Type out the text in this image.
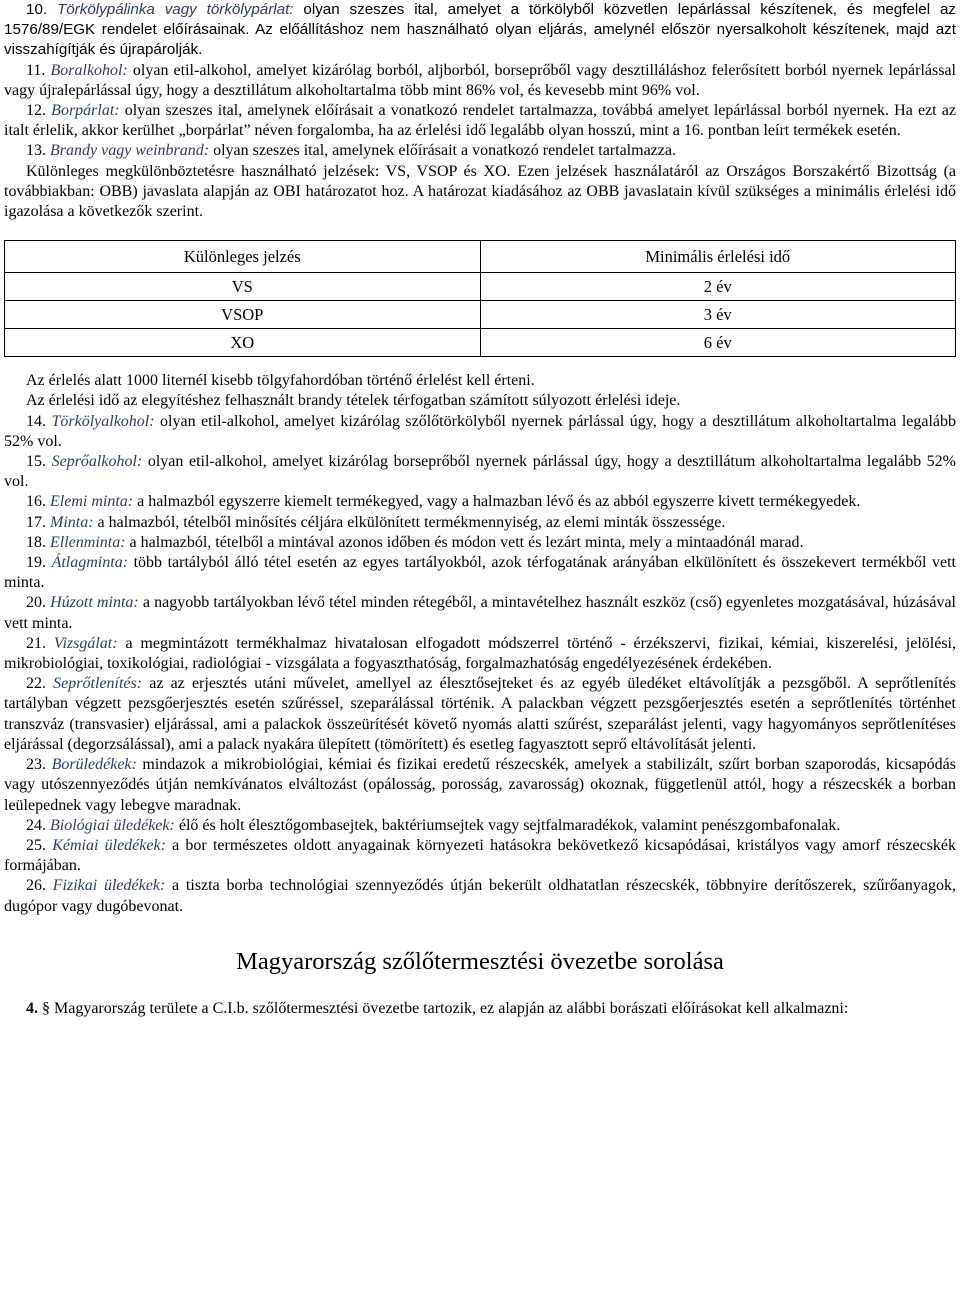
10. Törkölypálinka vagy törkölypárlat: olyan szeszes ital, amelyet a törkölyből közvetlen lepárlással készítenek, és megfelel az 1576/89/EGK rendelet előírásainak. Az előállításhoz nem használható olyan eljárás, amelynél először nyersalkoholt készítenek, majd azt visszahígítják és újrapárolják.

11. Boralkohol: olyan etil-alkohol, amelyet kizárólag borból, aljborból, borseprőből vagy desztilláláshoz felerősített borból nyernek lepárlással vagy újralepárlással úgy, hogy a desztillátum alkoholtartalma több mint 86% vol, és kevesebb mint 96% vol.

12. Borpárlat: olyan szeszes ital, amelynek előírásait a vonatkozó rendelet tartalmazza, továbbá amelyet lepárlással borból nyernek. Ha ezt az italt érlelik, akkor kerülhet „borpárlat” néven forgalomba, ha az érlelési idő legalább olyan hosszú, mint a 16. pontban leírt termékek esetén.

13. Brandy vagy weinbrand: olyan szeszes ital, amelynek előírásait a vonatkozó rendelet tartalmazza.

Különleges megkülönböztetésre használható jelzések: VS, VSOP és XO. Ezen jelzések használatáról az Országos Borszakértő Bizottság (a továbbiakban: OBB) javaslata alapján az OBI határozatot hoz. A határozat kiadásához az OBB javaslatain kívül szükséges a minimális érlelési idő igazolása a következők szerint.

Különleges jelzés	Minimális érlelési idő
VS	2 év
VSOP	3 év
XO	6 év

Az érlelés alatt 1000 liternél kisebb tölgyfahordóban történő érlelést kell érteni.

Az érlelési idő az elegyítéshez felhasznált brandy tételek térfogatban számított súlyozott érlelési ideje.

14. Törkölyalkohol: olyan etil-alkohol, amelyet kizárólag szőlőtörkölyből nyernek párlással úgy, hogy a desztillátum alkoholtartalma legalább 52% vol.

15. Seprőalkohol: olyan etil-alkohol, amelyet kizárólag borseprőből nyernek párlással úgy, hogy a desztillátum alkoholtartalma legalább 52% vol.

16. Elemi minta: a halmazból egyszerre kiemelt termékegyed, vagy a halmazban lévő és az abból egyszerre kivett termékegyedek.

17. Minta: a halmazból, tételből minősítés céljára elkülönített termékmennyiség, az elemi minták összessége.

18. Ellenminta: a halmazból, tételből a mintával azonos időben és módon vett és lezárt minta, mely a mintaadónál marad.

19. Átlagminta: több tartályból álló tétel esetén az egyes tartályokból, azok térfogatának arányában elkülönített és összekevert termékből vett minta.

20. Húzott minta: a nagyobb tartályokban lévő tétel minden rétegéből, a mintavételhez használt eszköz (cső) egyenletes mozgatásával, húzásával vett minta.

21. Vizsgálat: a megmintázott termékhalmaz hivatalosan elfogadott módszerrel történő - érzékszervi, fizikai, kémiai, kiszerelési, jelölési, mikrobiológiai, toxikológiai, radiológiai - vizsgálata a fogyaszthatóság, forgalmazhatóság engedélyezésének érdekében.

22. Seprőtlenítés: az az erjesztés utáni művelet, amellyel az élesztősejteket és az egyéb üledéket eltávolítják a pezsgőből. A seprőtlenítés tartályban végzett pezsgőerjesztés esetén szűréssel, szeparálással történik. A palackban végzett pezsgőerjesztés esetén a seprőtlenítés történhet transzváz (transvasier) eljárással, ami a palackok összeürítését követő nyomás alatti szűrést, szeparálást jelenti, vagy hagyományos seprőtlenítéses eljárással (degorzsálással), ami a palack nyakára ülepített (tömörített) és esetleg fagyasztott seprő eltávolítását jelenti.

23. Borüledékek: mindazok a mikrobiológiai, kémiai és fizikai eredetű részecskék, amelyek a stabilizált, szűrt borban szaporodás, kicsapódás vagy utószennyeződés útján nemkívánatos elváltozást (opálosság, porosság, zavarosság) okoznak, függetlenül attól, hogy a részecskék a borban leülepednek vagy lebegve maradnak.

24. Biológiai üledékek: élő és holt élesztőgombasejtek, baktériumsejtek vagy sejtfalmaradékok, valamint penészgombafonalak.

25. Kémiai üledékek: a bor természetes oldott anyagainak környezeti hatásokra bekövetkező kicsapódásai, kristályos vagy amorf részecskék formájában.

26. Fizikai üledékek: a tiszta borba technológiai szennyeződés útján bekerült oldhatatlan részecskék, többnyire derítőszerek, szűrőanyagok, dugópor vagy dugóbevonat.

Magyarország szőlőtermesztési övezetbe sorolása

4. § Magyarország területe a C.I.b. szőlőtermesztési övezetbe tartozik, ez alapján az alábbi borászati előírásokat kell alkalmazni:
